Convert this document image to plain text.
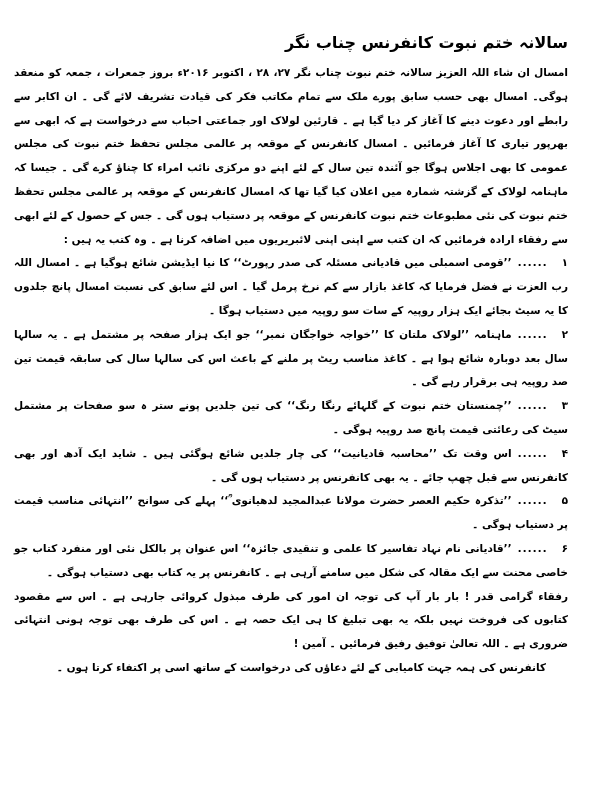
سالانہ ختم نبوت کانفرنس چناب نگر

امسال ان شاء اللہ العزیز سالانہ ختم نبوت چناب نگر ۲۷، ۲۸ ، اکتوبر ۲۰۱۶ء بروز جمعرات ، جمعہ کو منعقد ہوگی۔ امسال بھی حسب سابق پورے ملک سے تمام مکاتب فکر کی قیادت تشریف لائے گی ۔ ان اکابر سے رابطے اور دعوت دینے کا آغاز کر دیا گیا ہے ۔ قارئین لولاک اور جماعتی احباب سے درخواست ہے کہ ابھی سے بھرپور تیاری کا آغاز فرمائیں ۔ امسال کانفرنس کے موقعہ پر عالمی مجلس تحفظ ختم نبوت کی مجلس عمومی کا بھی اجلاس ہوگا جو آئندہ تین سال کے لئے اپنے دو مرکزی نائب امراء کا چناؤ کرے گی ۔ جیسا کہ ماہنامہ لولاک کے گزشتہ شمارہ میں اعلان کیا گیا تھا کہ امسال کانفرنس کے موقعہ پر عالمی مجلس تحفظ ختم نبوت کی نئی مطبوعات ختم نبوت کانفرنس کے موقعہ پر دستیاب ہوں گی ۔ جس کے حصول کے لئے ابھی سے رفقاء ارادہ فرمائیں کہ ان کتب سے اپنی اپنی لائبریریوں میں اضافہ کرنا ہے ۔ وہ کتب یہ ہیں :

۱......’’قومی اسمبلی میں قادیانی مسئلہ کی صدر رپورٹ‘‘ کا نیا ایڈیشن شائع ہوگیا ہے ۔ امسال اللہ رب العزت نے فضل فرمایا کہ کاغذ بازار سے کم نرخ پرمل گیا ۔ اس لئے سابق کی نسبت امسال پانچ جلدوں کا یہ سیٹ بجائے ایک ہزار روپیہ کے سات سو روپیہ میں دستیاب ہوگا ۔

۲......ماہنامہ ’’لولاک ملتان کا ’’خواجہ خواجگان نمبر‘‘ جو ایک ہزار صفحہ پر مشتمل ہے ۔ یہ سالہا سال بعد دوبارہ شائع ہوا ہے ۔ کاغذ مناسب ریٹ پر ملنے کے باعث اس کی سالہا سال کی سابقہ قیمت تین صد روپیہ ہی برقرار رہے گی ۔

۳......’’چمنستان ختم نبوت کے گلہائے رنگا رنگ‘‘ کی تین جلدیں پونے ستر ہ سو صفحات پر مشتمل سیٹ کی رعائتی قیمت پانچ صد روپیہ ہوگی ۔

۴......اس وقت تک ’’محاسبہ قادیانیت‘‘ کی چار جلدیں شائع ہوگئی ہیں ۔ شاید ایک آدھ اور بھی کانفرنس سے قبل چھپ جائے ۔ یہ بھی کانفرنس پر دستیاب ہوں گی ۔

۵......’’تذکرہ حکیم العصر حضرت مولانا عبدالمجید لدھیانوی ؒ‘‘ پہلے کی سوانح ’’انتہائی مناسب قیمت پر دستیاب ہوگی ۔

۶......’’قادیانی نام نہاد تفاسیر کا علمی و تنقیدی جائزہ‘‘ اس عنوان پر بالکل نئی اور منفرد کتاب جو خاصی محنت سے ایک مقالہ کی شکل میں سامنے آرہی ہے ۔ کانفرنس پر یہ کتاب بھی دستیاب ہوگی ۔

رفقاء گرامی قدر ! بار بار آپ کی توجہ ان امور کی طرف مبذول کروائی جارہی ہے ۔ اس سے مقصود کتابوں کی فروخت نہیں بلکہ یہ بھی تبلیغ کا ہی ایک حصہ ہے ۔ اس کی طرف بھی توجہ ہونی انتہائی ضروری ہے ۔ اللہ تعالیٰ توفیق رفیق فرمائیں ۔ آمین !

کانفرنس کی ہمہ جہت کامیابی کے لئے دعاؤں کی درخواست کے ساتھ اسی پر اکتفاء کرتا ہوں ۔
